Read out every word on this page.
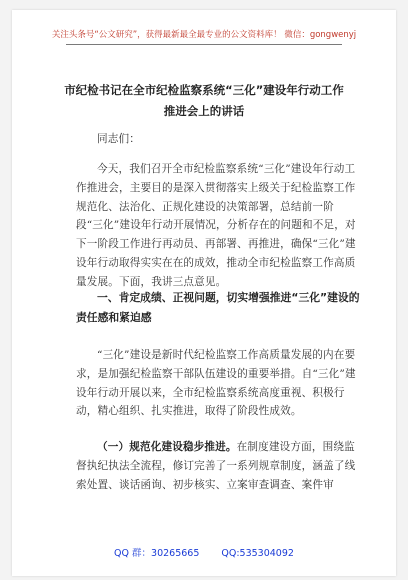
关注头条号“公文研究”，获得最新最全最专业的公文资料库！ 微信：gongwenyj
市纪检书记在全市纪检监察系统“三化”建设年行动工作
推进会上的讲话

同志们：

今天，我们召开全市纪检监察系统“三化”建设年行动工作推进会，主要目的是深入贯彻落实上级关于纪检监察工作规范化、法治化、正规化建设的决策部署，总结前一阶段“三化”建设年行动开展情况，分析存在的问题和不足，对下一阶段工作进行再动员、再部署、再推进，确保“三化”建设年行动取得实实在在的成效，推动全市纪检监察工作高质量发展。下面，我讲三点意见。

一、肯定成绩、正视问题，切实增强推进“三化”建设的责任感和紧迫感

“三化”建设是新时代纪检监察工作高质量发展的内在要求，是加强纪检监察干部队伍建设的重要举措。自“三化”建设年行动开展以来，全市纪检监察系统高度重视、积极行动，精心组织、扎实推进，取得了阶段性成效。

（一）规范化建设稳步推进。在制度建设方面，围绕监督执纪执法全流程，修订完善了一系列规章制度，涵盖了线索处置、谈话函询、初步核实、立案审查调查、案件审

QQ 群：30265665 QQ:535304092
